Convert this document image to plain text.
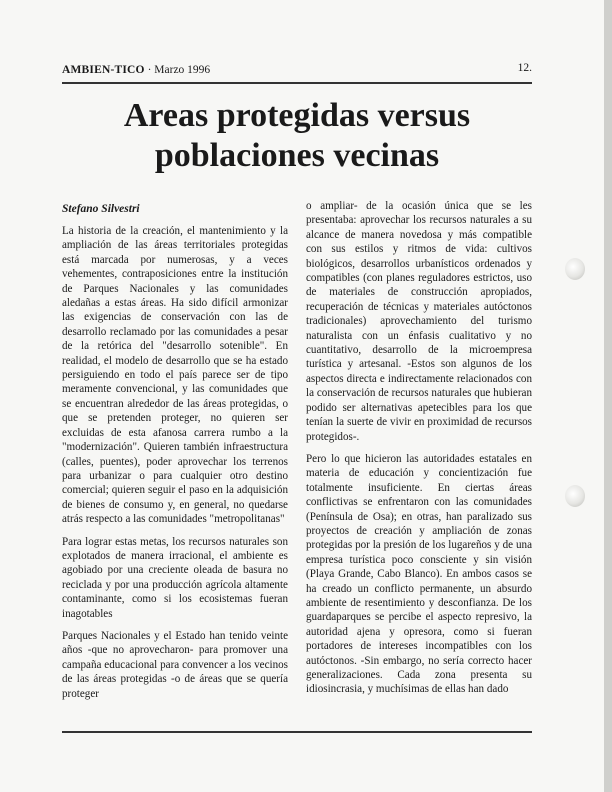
AMBIEN-TICO · Marzo 1996	12.
Areas protegidas versus
poblaciones vecinas
Stefano Silvestri

La historia de la creación, el mantenimiento y la ampliación de las áreas territoriales protegidas está marcada por numerosas, y a veces vehementes, contraposiciones entre la institución de Parques Nacionales y las comunidades aledañas a estas áreas. Ha sido difícil armonizar las exigencias de conservación con las de desarrollo reclamado por las comunidades a pesar de la retórica del "desarrollo sotenible". En realidad, el modelo de desarrollo que se ha estado persiguiendo en todo el país parece ser de tipo meramente convencional, y las comunidades que se encuentran alrededor de las áreas protegidas, o que se pretenden proteger, no quieren ser excluidas de esta afanosa carrera rumbo a la "modernización". Quieren también infraestructura (calles, puentes), poder aprovechar los terrenos para urbanizar o para cualquier otro destino comercial; quieren seguir el paso en la adquisición de bienes de consumo y, en general, no quedarse atrás respecto a las comunidades "metropolitanas"

Para lograr estas metas, los recursos naturales son explotados de manera irracional, el ambiente es agobiado por una creciente oleada de basura no reciclada y por una producción agrícola altamente contaminante, como si los ecosistemas fueran inagotables

Parques Nacionales y el Estado han tenido veinte años -que no aprovecharon- para promover una campaña educacional para convencer a los vecinos de las áreas protegidas -o de áreas que se quería proteger

o ampliar- de la ocasión única que se les presentaba: aprovechar los recursos naturales a su alcance de manera novedosa y más compatible con sus estilos y ritmos de vida: cultivos biológicos, desarrollos urbanísticos ordenados y compatibles (con planes reguladores estrictos, uso de materiales de construcción apropiados, recuperación de técnicas y materiales autóctonos tradicionales) aprovechamiento del turismo naturalista con un énfasis cualitativo y no cuantitativo, desarrollo de la microempresa turística y artesanal. -Estos son algunos de los aspectos directa e indirectamente relacionados con la conservación de recursos naturales que hubieran podido ser alternativas apetecibles para los que tenían la suerte de vivir en proximidad de recursos protegidos-.

Pero lo que hicieron las autoridades estatales en materia de educación y concientización fue totalmente insuficiente. En ciertas áreas conflictivas se enfrentaron con las comunidades (Península de Osa); en otras, han paralizado sus proyectos de creación y ampliación de zonas protegidas por la presión de los lugareños y de una empresa turística poco consciente y sin visión (Playa Grande, Cabo Blanco). En ambos casos se ha creado un conflicto permanente, un absurdo ambiente de resentimiento y desconfianza. De los guardaparques se percibe el aspecto represivo, la autoridad ajena y opresora, como si fueran portadores de intereses incompatibles con los autóctonos. -Sin embargo, no sería correcto hacer generalizaciones. Cada zona presenta su idiosincrasia, y muchísimas de ellas han dado
